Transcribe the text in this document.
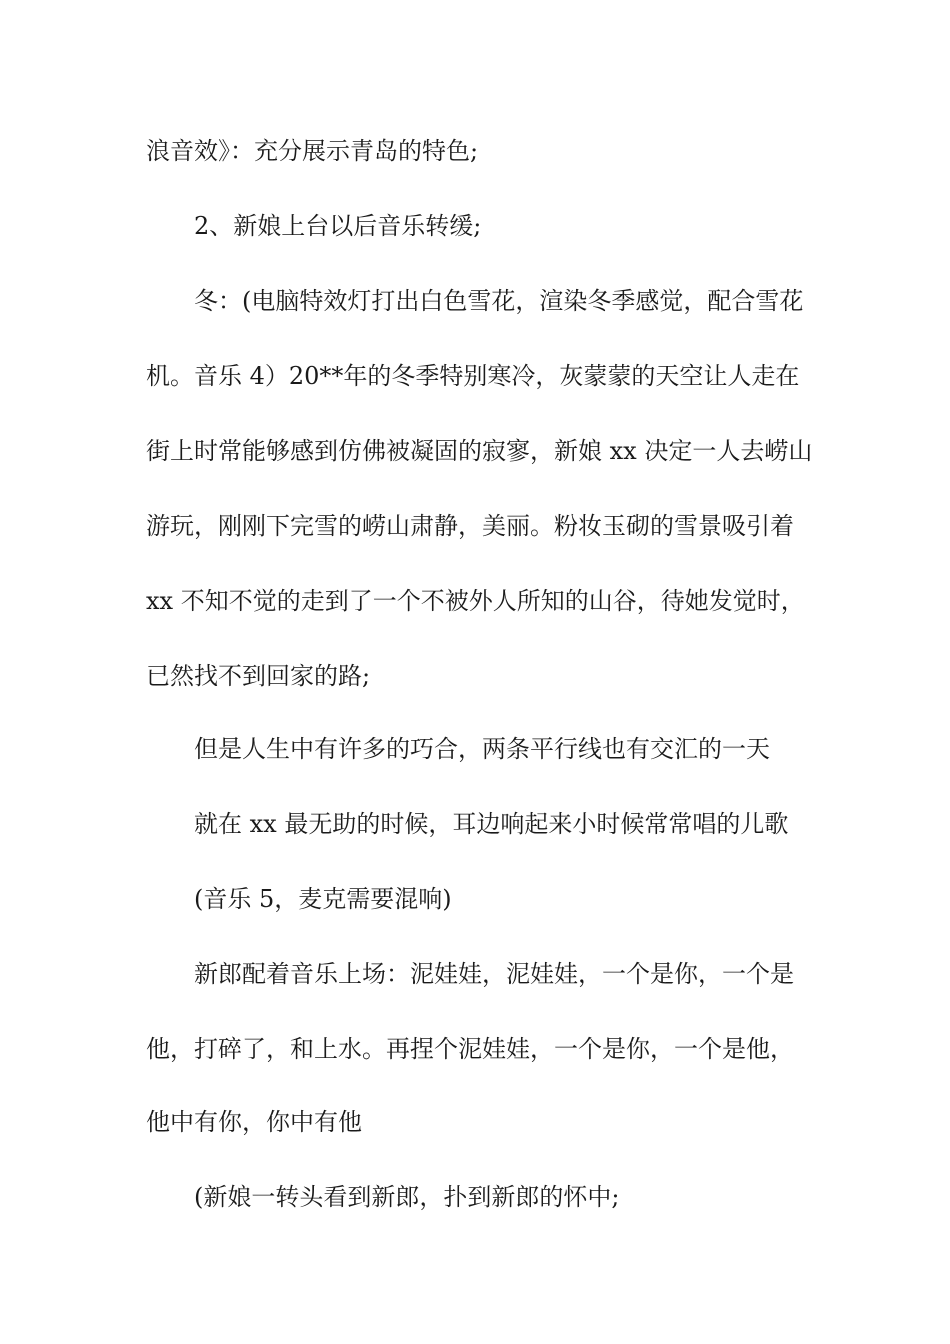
浪音效》：充分展示青岛的特色;
2、新娘上台以后音乐转缓;
冬：(电脑特效灯打出白色雪花，渲染冬季感觉，配合雪花
机。音乐 4）20**年的冬季特别寒冷，灰蒙蒙的天空让人走在
街上时常能够感到仿佛被凝固的寂寥，新娘 xx 决定一人去崂山
游玩，刚刚下完雪的崂山肃静，美丽。粉妆玉砌的雪景吸引着
xx 不知不觉的走到了一个不被外人所知的山谷，待她发觉时，
已然找不到回家的路;
但是人生中有许多的巧合，两条平行线也有交汇的一天
就在 xx 最无助的时候，耳边响起来小时候常常唱的儿歌
(音乐 5，麦克需要混响)
新郎配着音乐上场：泥娃娃，泥娃娃，一个是你，一个是
他，打碎了，和上水。再捏个泥娃娃，一个是你，一个是他，
他中有你，你中有他
(新娘一转头看到新郎，扑到新郎的怀中;
